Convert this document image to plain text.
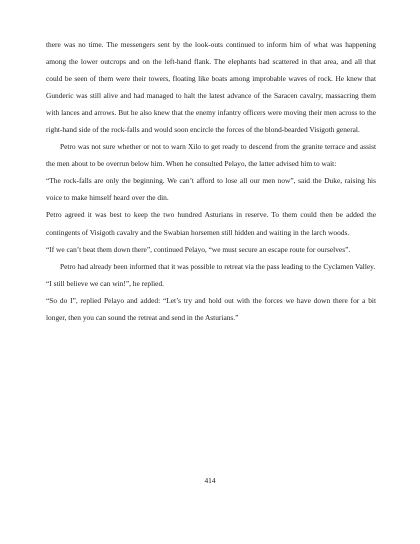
there was no time. The messengers sent by the look-outs continued to inform him of what was happening among the lower outcrops and on the left-hand flank. The elephants had scattered in that area, and all that could be seen of them were their towers, floating like boats among improbable waves of rock. He knew that Gunderic was still alive and had managed to halt the latest advance of the Saracen cavalry, massacring them with lances and arrows. But he also knew that the enemy infantry officers were moving their men across to the right-hand side of the rock-falls and would soon encircle the forces of the blond-bearded Visigoth general.

Petro was not sure whether or not to warn Xilo to get ready to descend from the granite terrace and assist the men about to be overrun below him. When he consulted Pelayo, the latter advised him to wait:

“The rock-falls are only the beginning. We can’t afford to lose all our men now”, said the Duke, raising his voice to make himself heard over the din.

Petro agreed it was best to keep the two hundred Asturians in reserve. To them could then be added the contingents of Visigoth cavalry and the Swabian horsemen still hidden and waiting in the larch woods.

“If we can’t beat them down there”, continued Pelayo, “we must secure an escape route for ourselves”.

Petro had already been informed that it was possible to retreat via the pass leading to the Cyclamen Valley.

“I still believe we can win!”, he replied.

“So do I”, replied Pelayo and added: “Let’s try and hold out with the forces we have down there for a bit longer, then you can sound the retreat and send in the Asturians.”

414
